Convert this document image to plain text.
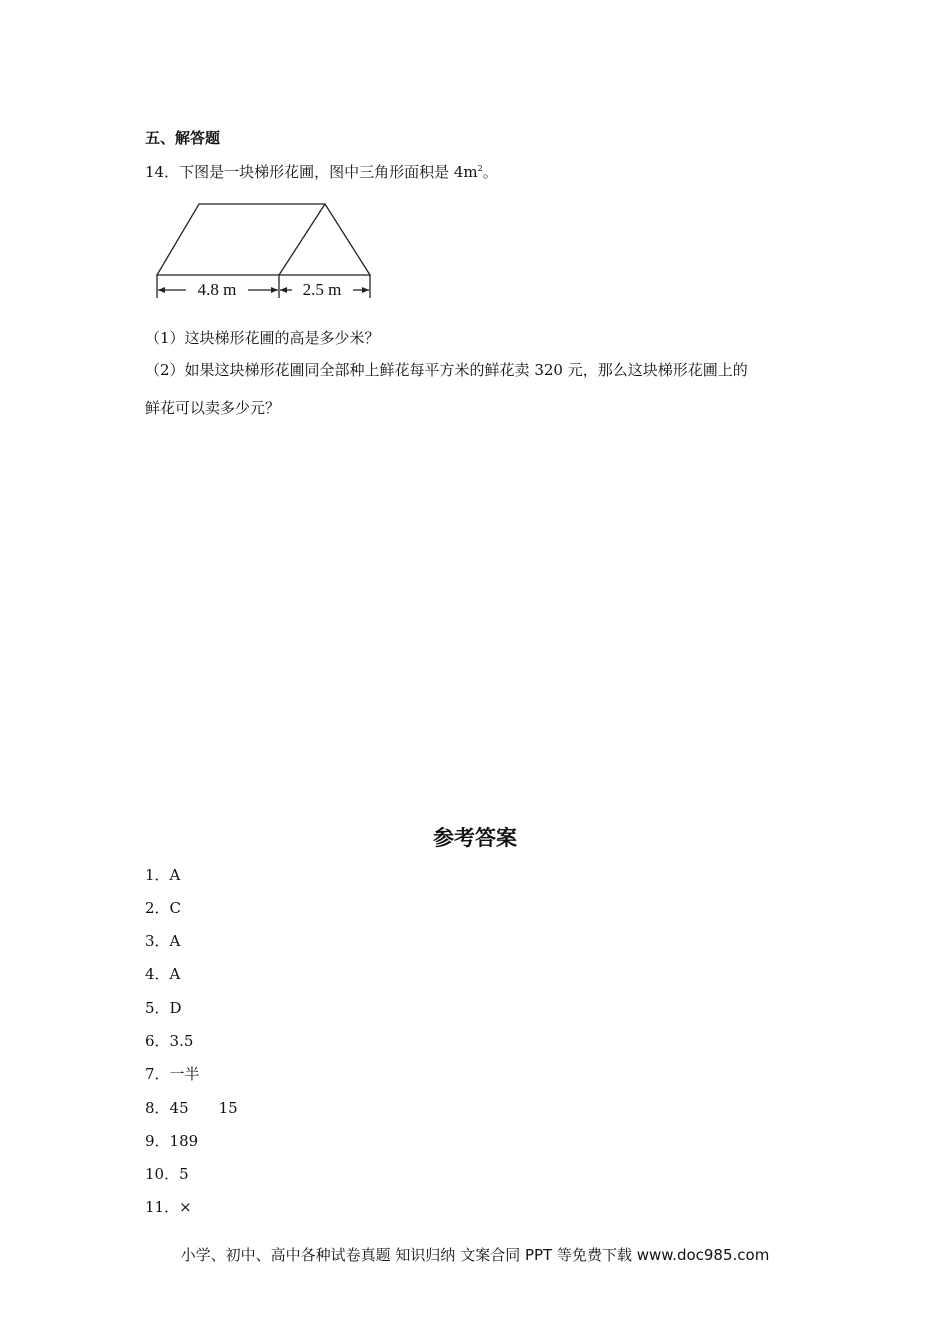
五、解答题
14．下图是一块梯形花圃，图中三角形面积是 $4m^2$。
4.8 m	2.5 m
（1）这块梯形花圃的高是多少米？
（2）如果这块梯形花圃同全部种上鲜花每平方米的鲜花卖 320 元，那么这块梯形花圃上的
鲜花可以卖多少元？
参考答案
1．A
2．C
3．A
4．A
5．D
6．3.5
7．一半
8．45　　15
9．189
10．5
11．×
小学、初中、高中各种试卷真题 知识归纳 文案合同 PPT 等免费下载 www.doc985.com
